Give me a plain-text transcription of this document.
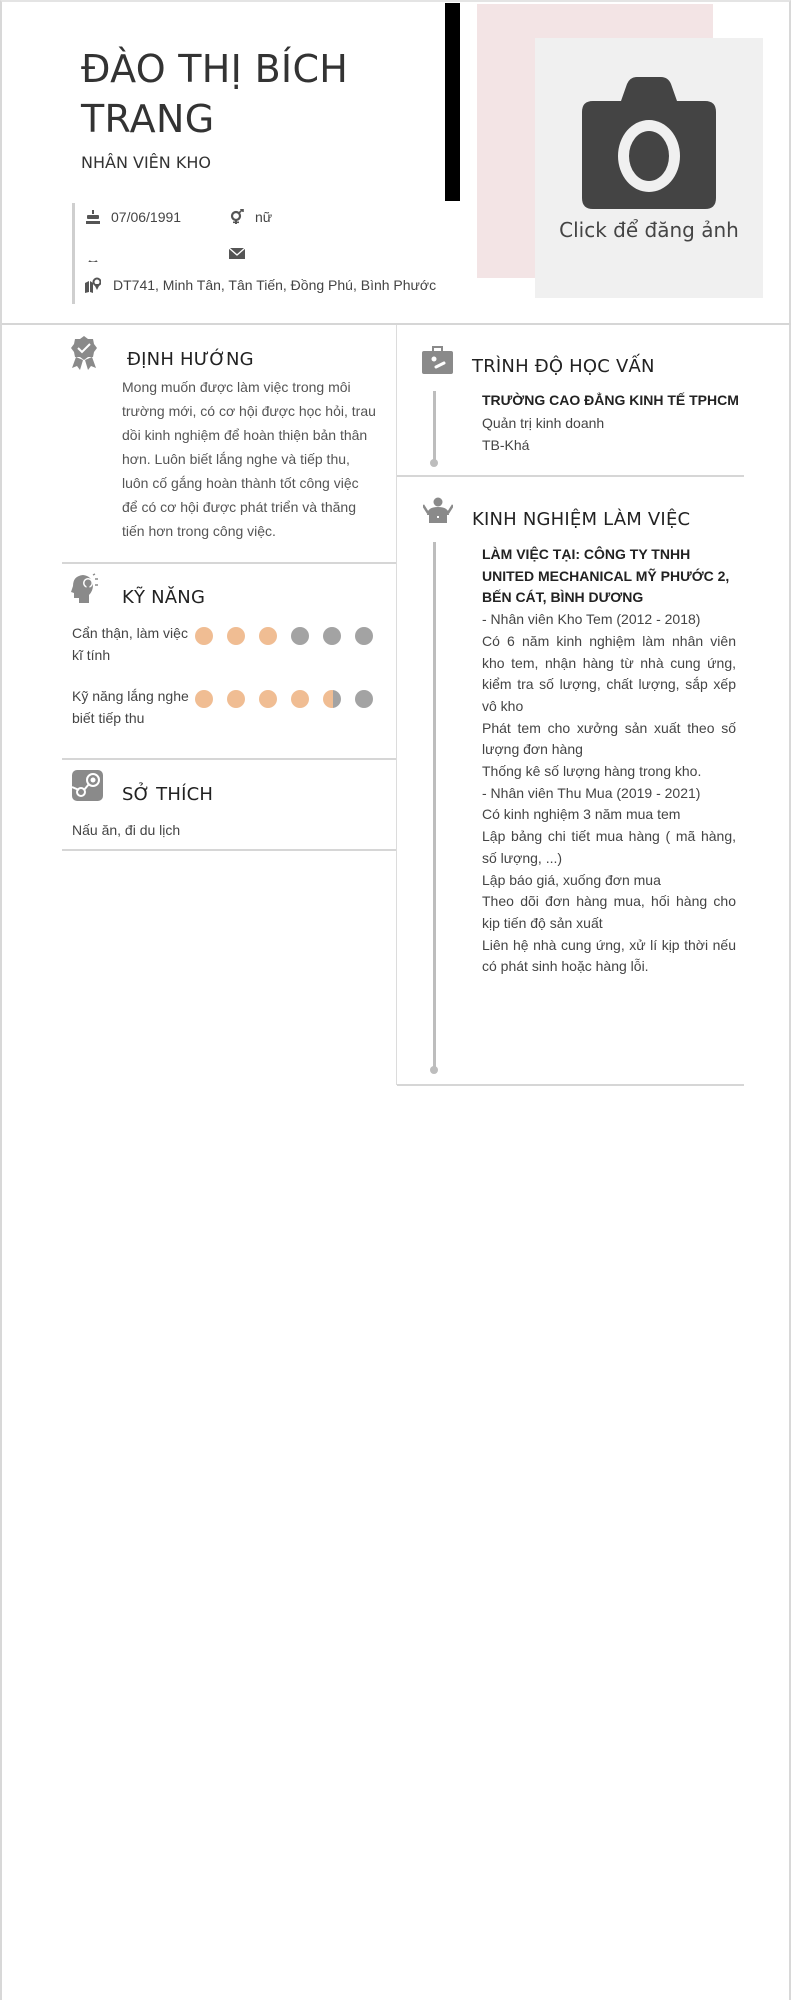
ĐÀO THỊ BÍCH TRANG
NHÂN VIÊN KHO
Click để đăng ảnh
07/06/1991	nữ
DT741, Minh Tân, Tân Tiến, Đồng Phú, Bình Phước
ĐỊNH HƯỚNG
Mong muốn được làm việc trong môi
trường mới, có cơ hội được học hỏi, trau
dồi kinh nghiệm để hoàn thiện bản thân
hơn. Luôn biết lắng nghe và tiếp thu,
luôn cố gắng hoàn thành tốt công việc
để có cơ hội được phát triển và thăng
tiến hơn trong công việc.
KỸ NĂNG
Cẩn thận, làm việc kĩ tính
Kỹ năng lắng nghe biết tiếp thu
SỞ THÍCH
Nấu ăn, đi du lịch
TRÌNH ĐỘ HỌC VẤN
TRƯỜNG CAO ĐẲNG KINH TẾ TPHCM
Quản trị kinh doanh
TB-Khá
KINH NGHIỆM LÀM VIỆC
LÀM VIỆC TẠI: CÔNG TY TNHH UNITED MECHANICAL MỸ PHƯỚC 2, BẾN CÁT, BÌNH DƯƠNG
- Nhân viên Kho Tem (2012 - 2018)
Có 6 năm kinh nghiệm làm nhân viên kho tem, nhận hàng từ nhà cung ứng, kiểm tra số lượng, chất lượng, sắp xếp vô kho
Phát tem cho xưởng sản xuất theo số lượng đơn hàng
Thống kê số lượng hàng trong kho.
- Nhân viên Thu Mua (2019 - 2021)
Có kinh nghiệm 3 năm mua tem
Lập bảng chi tiết mua hàng ( mã hàng, số lượng, ...)
Lập báo giá, xuống đơn mua
Theo dõi đơn hàng mua, hối hàng cho kịp tiến độ sản xuất
Liên hệ nhà cung ứng, xử lí kịp thời nếu có phát sinh hoặc hàng lỗi.
